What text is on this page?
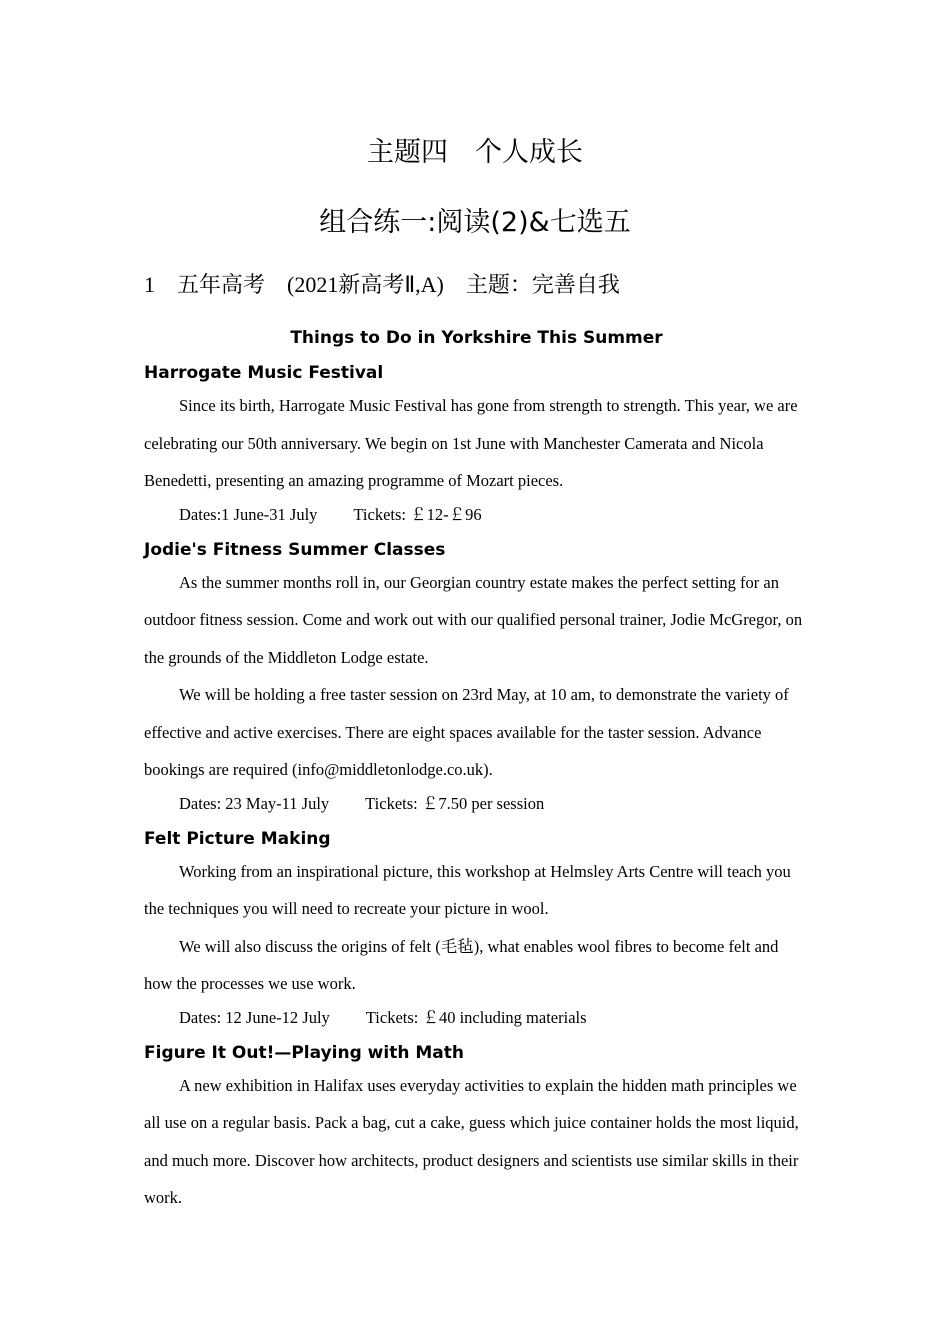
主题四　个人成长
组合练一:阅读(2)&七选五
1 五年高考 (2021新高考Ⅱ,A) 主题：完善自我
Things to Do in Yorkshire This Summer
Harrogate Music Festival

Since its birth, Harrogate Music Festival has gone from strength to strength. This year, we are celebrating our 50th anniversary. We begin on 1st June with Manchester Camerata and Nicola Benedetti, presenting an amazing programme of Mozart pieces.

Dates:1 June-31 July Tickets: ￡12-￡96

Jodie's Fitness Summer Classes

As the summer months roll in, our Georgian country estate makes the perfect setting for an outdoor fitness session. Come and work out with our qualified personal trainer, Jodie McGregor, on the grounds of the Middleton Lodge estate.

We will be holding a free taster session on 23rd May, at 10 am, to demonstrate the variety of effective and active exercises. There are eight spaces available for the taster session. Advance bookings are required (info@middletonlodge.co.uk).

Dates: 23 May-11 July Tickets: ￡7.50 per session

Felt Picture Making

Working from an inspirational picture, this workshop at Helmsley Arts Centre will teach you the techniques you will need to recreate your picture in wool.

We will also discuss the origins of felt (毛毡), what enables wool fibres to become felt and how the processes we use work.

Dates: 12 June-12 July Tickets: ￡40 including materials

Figure It Out!—Playing with Math

A new exhibition in Halifax uses everyday activities to explain the hidden math principles we all use on a regular basis. Pack a bag, cut a cake, guess which juice container holds the most liquid, and much more. Discover how architects, product designers and scientists use similar skills in their work.
